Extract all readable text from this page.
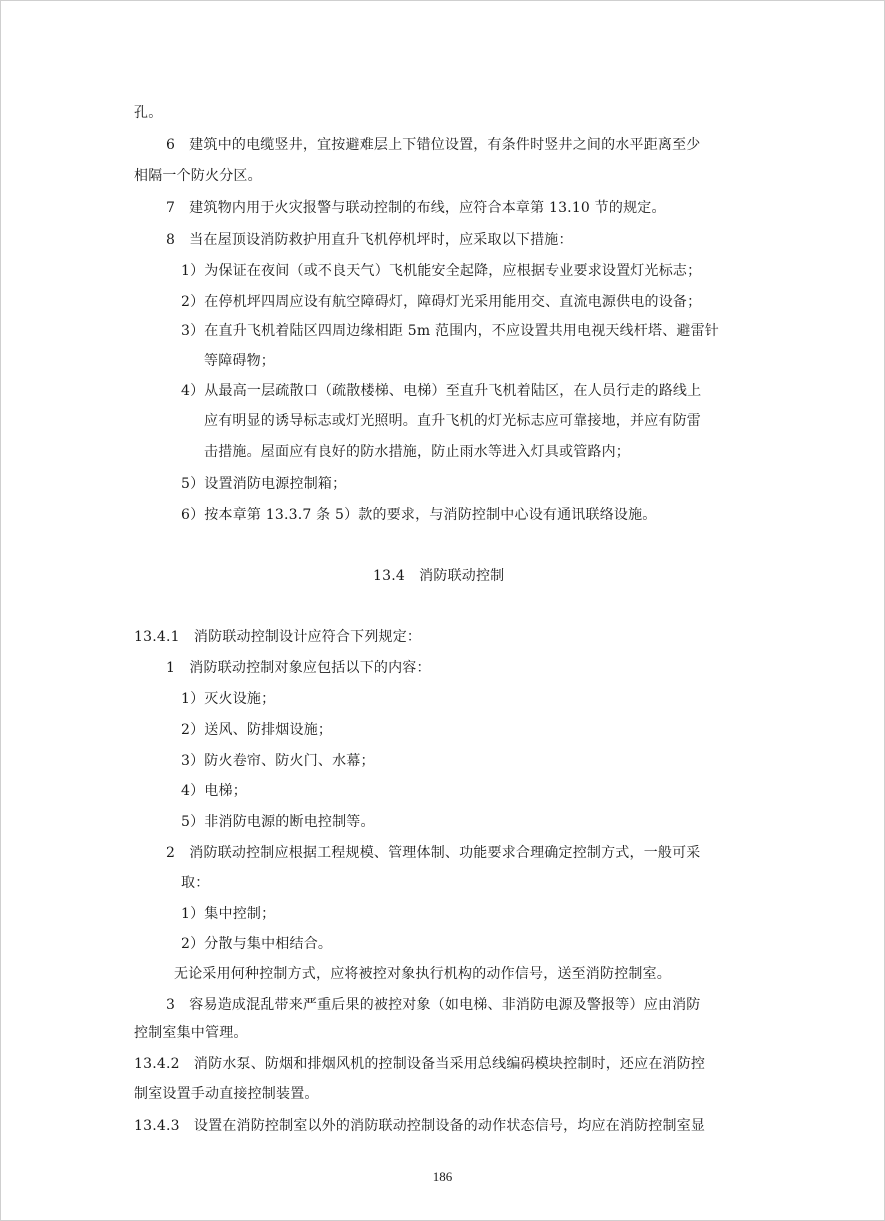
孔。
6　建筑中的电缆竖井，宜按避难层上下错位设置，有条件时竖井之间的水平距离至少
相隔一个防火分区。
7　建筑物内用于火灾报警与联动控制的布线，应符合本章第 13.10 节的规定。
8　当在屋顶设消防救护用直升飞机停机坪时，应采取以下措施：
1）为保证在夜间（或不良天气）飞机能安全起降，应根据专业要求设置灯光标志；
2）在停机坪四周应设有航空障碍灯，障碍灯光采用能用交、直流电源供电的设备；
3）在直升飞机着陆区四周边缘相距 5m 范围内，不应设置共用电视天线杆塔、避雷针
等障碍物；
4）从最高一层疏散口（疏散楼梯、电梯）至直升飞机着陆区，在人员行走的路线上
应有明显的诱导标志或灯光照明。直升飞机的灯光标志应可靠接地，并应有防雷
击措施。屋面应有良好的防水措施，防止雨水等进入灯具或管路内；
5）设置消防电源控制箱；
6）按本章第 13.3.7 条 5）款的要求，与消防控制中心设有通讯联络设施。
13.4　消防联动控制
13.4.1　消防联动控制设计应符合下列规定：
1　消防联动控制对象应包括以下的内容：
1）灭火设施；
2）送风、防排烟设施；
3）防火卷帘、防火门、水幕；
4）电梯；
5）非消防电源的断电控制等。
2　消防联动控制应根据工程规模、管理体制、功能要求合理确定控制方式，一般可采
取：
1）集中控制；
2）分散与集中相结合。
无论采用何种控制方式，应将被控对象执行机构的动作信号，送至消防控制室。
3　容易造成混乱带来严重后果的被控对象（如电梯、非消防电源及警报等）应由消防
控制室集中管理。
13.4.2　消防水泵、防烟和排烟风机的控制设备当采用总线编码模块控制时，还应在消防控
制室设置手动直接控制装置。
13.4.3　设置在消防控制室以外的消防联动控制设备的动作状态信号，均应在消防控制室显
186
